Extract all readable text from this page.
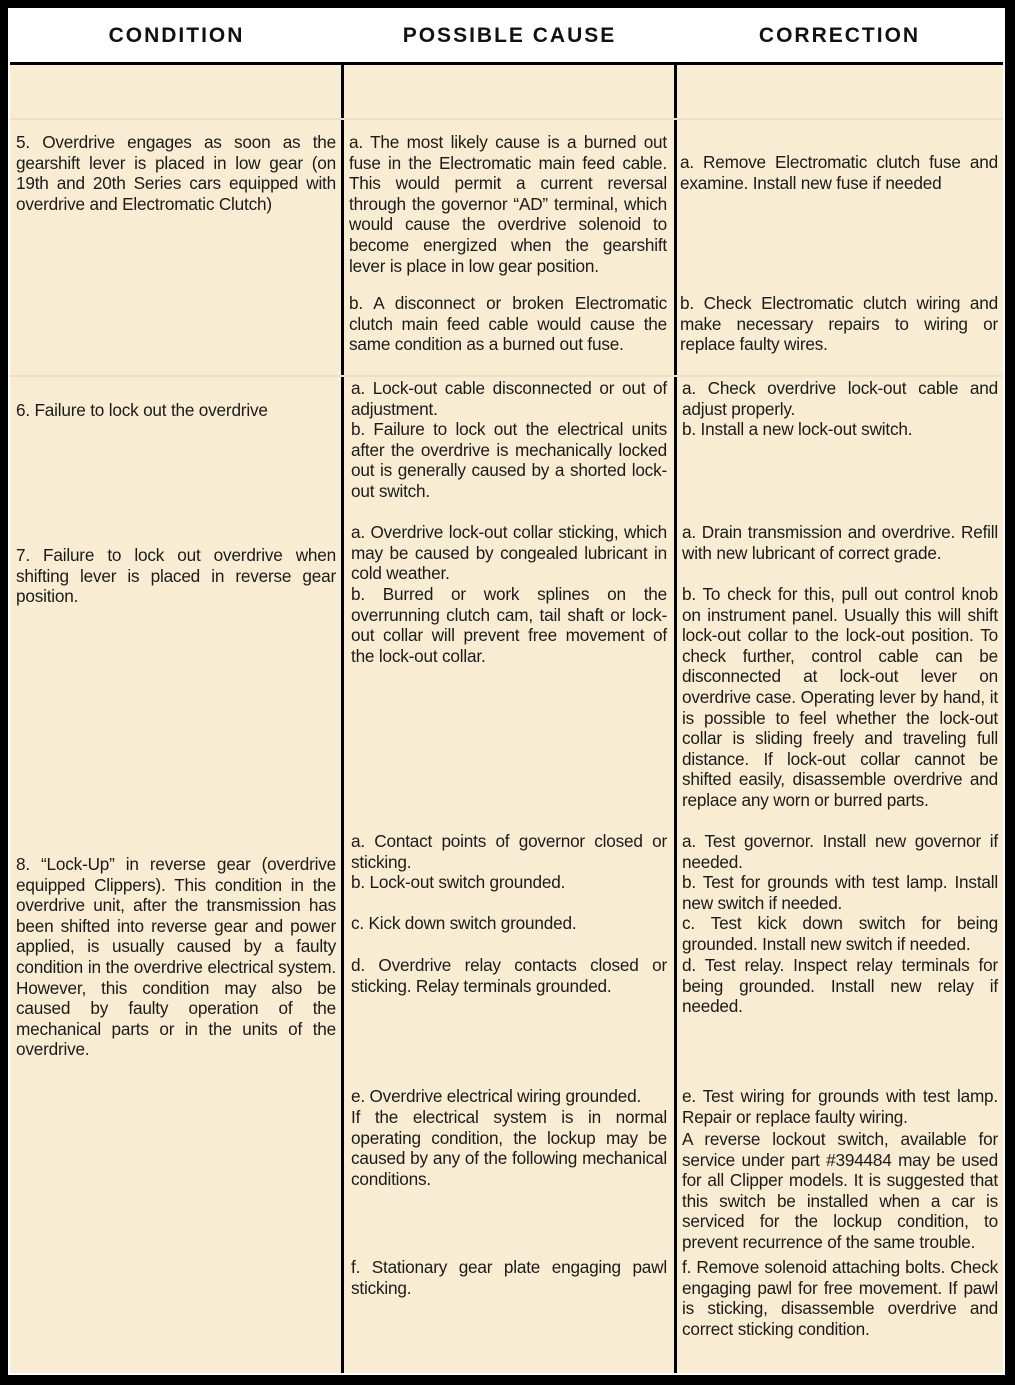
CONDITION	POSSIBLE CAUSE	CORRECTION
5. Overdrive engages as soon as the gearshift lever is placed in low gear (on 19th and 20th Series cars equipped with overdrive and Electromatic Clutch)
a. The most likely cause is a burned out fuse in the Electromatic main feed cable. This would permit a current reversal through the governor “AD” terminal, which would cause the overdrive solenoid to become energized when the gearshift lever is place in low gear position.
b. A disconnect or broken Electromatic clutch main feed cable would cause the same condition as a burned out fuse.
a. Remove Electromatic clutch fuse and examine. Install new fuse if needed
b. Check Electromatic clutch wiring and make necessary repairs to wiring or replace faulty wires.
6. Failure to lock out the overdrive
a. Lock-out cable disconnected or out of adjustment.
b. Failure to lock out the electrical units after the overdrive is mechanically locked out is generally caused by a shorted lock-out switch.
a. Check overdrive lock-out cable and adjust properly.
b. Install a new lock-out switch.
7. Failure to lock out overdrive when shifting lever is placed in reverse gear position.
a. Overdrive lock-out collar sticking, which may be caused by congealed lubricant in cold weather.
b. Burred or work splines on the overrunning clutch cam, tail shaft or lock-out collar will prevent free movement of the lock-out collar.
a. Drain transmission and overdrive. Refill with new lubricant of correct grade.
b. To check for this, pull out control knob on instrument panel. Usually this will shift lock-out collar to the lock-out position. To check further, control cable can be disconnected at lock-out lever on overdrive case. Operating lever by hand, it is possible to feel whether the lock-out collar is sliding freely and traveling full distance. If lock-out collar cannot be shifted easily, disassemble overdrive and replace any worn or burred parts.
8. “Lock-Up” in reverse gear (overdrive equipped Clippers). This condition in the overdrive unit, after the transmission has been shifted into reverse gear and power applied, is usually caused by a faulty condition in the overdrive electrical system. However, this condition may also be caused by faulty operation of the mechanical parts or in the units of the overdrive.
a. Contact points of governor closed or sticking.
b. Lock-out switch grounded.
c. Kick down switch grounded.
d. Overdrive relay contacts closed or sticking. Relay terminals grounded.
e. Overdrive electrical wiring grounded.
If the electrical system is in normal operating condition, the lockup may be caused by any of the following mechanical conditions.
f. Stationary gear plate engaging pawl sticking.
a. Test governor. Install new governor if needed.
b. Test for grounds with test lamp. Install new switch if needed.
c. Test kick down switch for being grounded. Install new switch if needed.
d. Test relay. Inspect relay terminals for being grounded. Install new relay if needed.
e. Test wiring for grounds with test lamp. Repair or replace faulty wiring.
A reverse lockout switch, available for service under part #394484 may be used for all Clipper models. It is suggested that this switch be installed when a car is serviced for the lockup condition, to prevent recurrence of the same trouble.
f. Remove solenoid attaching bolts. Check engaging pawl for free movement. If pawl is sticking, disassemble overdrive and correct sticking condition.
